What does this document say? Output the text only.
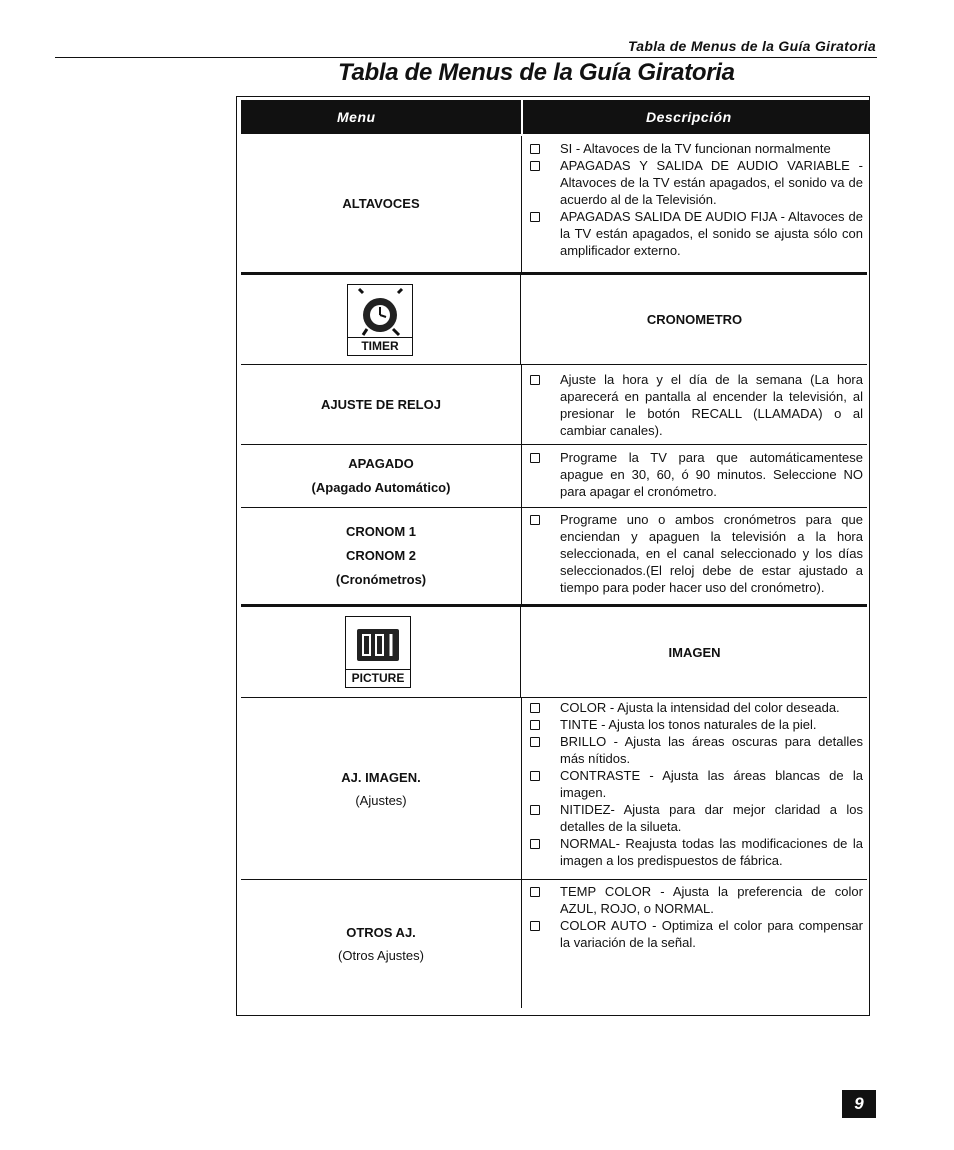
Tabla de Menus de la Guía Giratoria
Tabla de Menus de la Guía Giratoria
Menu	Descripción
ALTAVOCES
SI - Altavoces de la TV funcionan normalmente
APAGADAS Y SALIDA DE AUDIO VARIABLE - Altavoces de la TV están apagados, el sonido va de acuerdo al de la Televisión.
APAGADAS SALIDA DE AUDIO FIJA - Altavoces de la TV están apagados, el sonido se ajusta sólo con amplificador externo.
TIMER
CRONOMETRO
AJUSTE DE RELOJ
Ajuste la hora y el día de la semana (La hora aparecerá en pantalla al encender la televisión, al presionar le botón RECALL (LLAMADA) o al cambiar canales).
APAGADO
(Apagado Automático)
Programe la TV para que automáticamentese apague en 30, 60, ó 90 minutos. Seleccione NO para apagar el cronómetro.
CRONOM 1
CRONOM 2
(Cronómetros)
Programe uno o ambos cronómetros para que enciendan y apaguen la televisión a la hora seleccionada, en el canal seleccionado y los días seleccionados.(El reloj debe de estar ajustado a tiempo para poder hacer uso del cronómetro).
PICTURE
IMAGEN
AJ. IMAGEN.
(Ajustes)
COLOR - Ajusta la intensidad del color deseada.
TINTE - Ajusta los tonos naturales de la piel.
BRILLO - Ajusta las áreas oscuras para detalles más nítidos.
CONTRASTE - Ajusta las áreas blancas de la imagen.
NITIDEZ- Ajusta para dar mejor claridad a los detalles de la silueta.
NORMAL- Reajusta todas las modificaciones de la imagen a los predispuestos de fábrica.
OTROS AJ.
(Otros Ajustes)
TEMP COLOR - Ajusta la preferencia de color AZUL, ROJO, o NORMAL.
COLOR AUTO - Optimiza el color para compensar la variación de la señal.
9
